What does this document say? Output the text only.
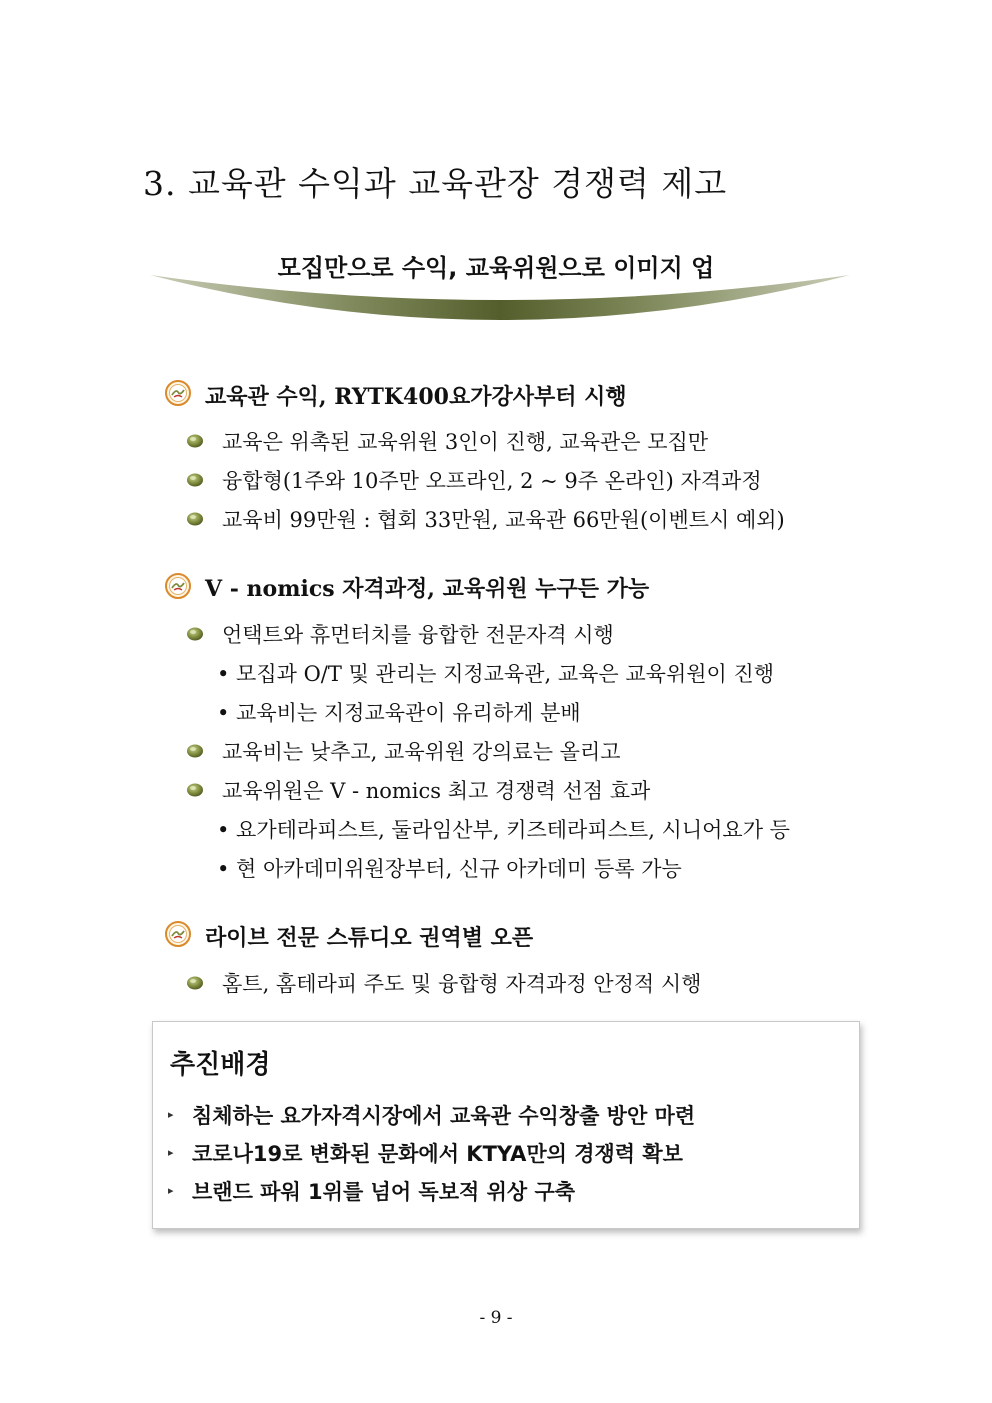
3. 교육관 수익과 교육관장 경쟁력 제고
모집만으로 수익, 교육위원으로 이미지 업
교육관 수익, RYTK400요가강사부터 시행
교육은 위촉된 교육위원 3인이 진행, 교육관은 모집만
융합형(1주와 10주만 오프라인, 2 ~ 9주 온라인) 자격과정
교육비 99만원 : 협회 33만원, 교육관 66만원(이벤트시 예외)
V - nomics 자격과정, 교육위원 누구든 가능
언택트와 휴먼터치를 융합한 전문자격 시행
• 모집과 O/T 및 관리는 지정교육관, 교육은 교육위원이 진행
• 교육비는 지정교육관이 유리하게 분배
교육비는 낮추고, 교육위원 강의료는 올리고
교육위원은 V - nomics 최고 경쟁력 선점 효과
• 요가테라피스트, 둘라임산부, 키즈테라피스트, 시니어요가 등
• 현 아카데미위원장부터, 신규 아카데미 등록 가능
라이브 전문 스튜디오 권역별 오픈
홈트, 홈테라피 주도 및 융합형 자격과정 안정적 시행
추진배경
▸ 침체하는 요가자격시장에서 교육관 수익창출 방안 마련
▸ 코로나19로 변화된 문화에서 KTYA만의 경쟁력 확보
▸ 브랜드 파워 1위를 넘어 독보적 위상 구축
- 9 -
